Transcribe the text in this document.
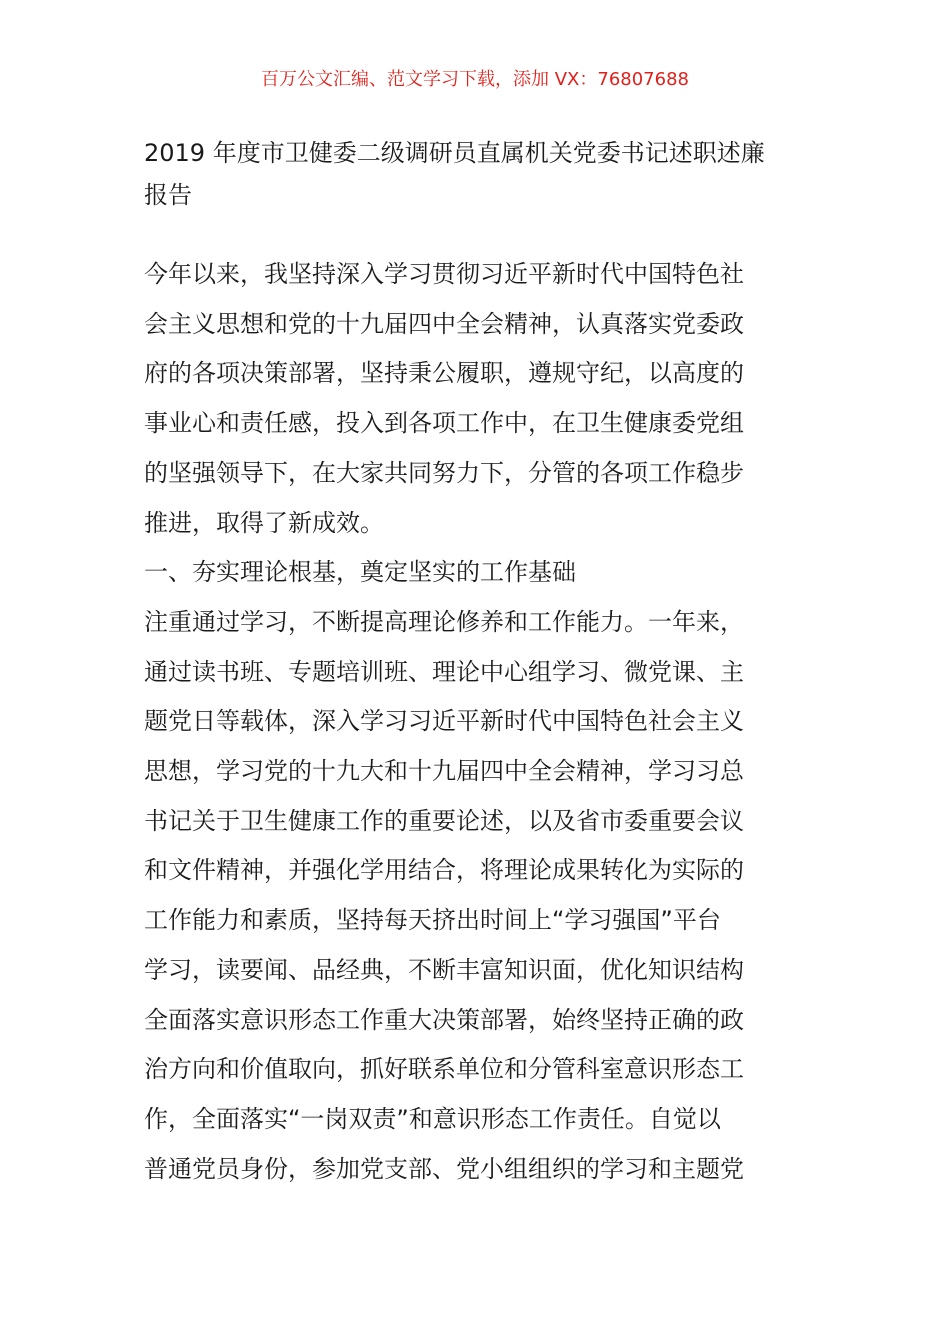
百万公文汇编、范文学习下载，添加 VX：76807688
2019 年度市卫健委二级调研员直属机关党委书记述职述廉
报告
今年以来，我坚持深入学习贯彻习近平新时代中国特色社
会主义思想和党的十九届四中全会精神，认真落实党委政
府的各项决策部署，坚持秉公履职，遵规守纪，以高度的
事业心和责任感，投入到各项工作中，在卫生健康委党组
的坚强领导下，在大家共同努力下，分管的各项工作稳步
推进，取得了新成效。
一、夯实理论根基，奠定坚实的工作基础
注重通过学习，不断提高理论修养和工作能力。一年来，
通过读书班、专题培训班、理论中心组学习、微党课、主
题党日等载体，深入学习习近平新时代中国特色社会主义
思想，学习党的十九大和十九届四中全会精神，学习习总
书记关于卫生健康工作的重要论述，以及省市委重要会议
和文件精神，并强化学用结合，将理论成果转化为实际的
工作能力和素质，坚持每天挤出时间上“学习强国”平台
学习，读要闻、品经典，不断丰富知识面，优化知识结构
全面落实意识形态工作重大决策部署，始终坚持正确的政
治方向和价值取向，抓好联系单位和分管科室意识形态工
作，全面落实“一岗双责”和意识形态工作责任。自觉以
普通党员身份，参加党支部、党小组组织的学习和主题党
